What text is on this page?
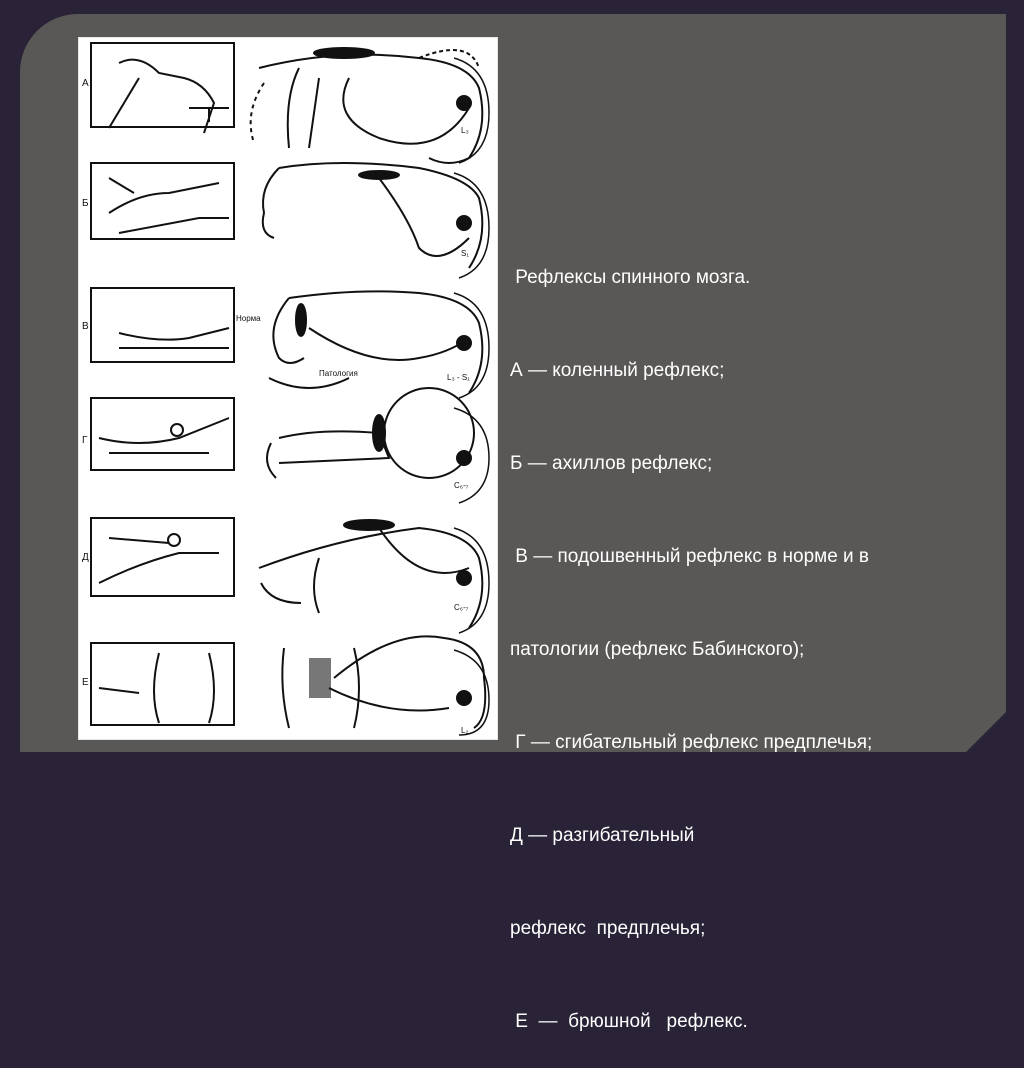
А
Б
В
Г
Д
Е
L₃
S₁
L₃ - S₁
C₆-₇
C₆-₇
L₂
Норма
Патология

Рефлексы спинного мозга.

А — коленный рефлекс;

Б — ахиллов рефлекс;

В — подошвенный рефлекс в норме и в

патологии (рефлекс Бабинского);

Г — сгибательный рефлекс предплечья;

Д — разгибательный

рефлекс  предплечья;

Е  —  брюшной   рефлекс.
